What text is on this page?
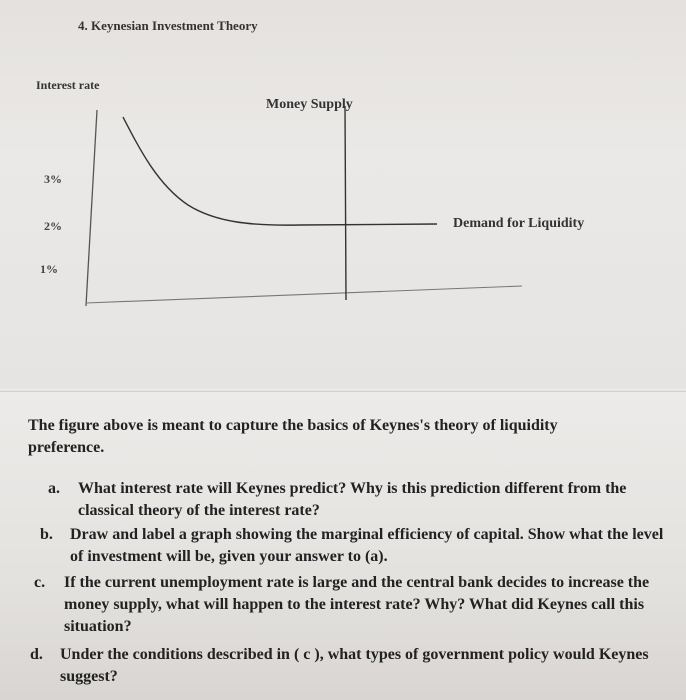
4. Keynesian Investment Theory
Interest rate
Money Supply
3%
2%
1%
Demand for Liquidity
The figure above is meant to capture the basics of Keynes's theory of liquidity preference.
a. What interest rate will Keynes predict? Why is this prediction different from the classical theory of the interest rate?
b. Draw and label a graph showing the marginal efficiency of capital. Show what the level of investment will be, given your answer to (a).
c. If the current unemployment rate is large and the central bank decides to increase the money supply, what will happen to the interest rate? Why? What did Keynes call this situation?
d. Under the conditions described in ( c ), what types of government policy would Keynes suggest?
